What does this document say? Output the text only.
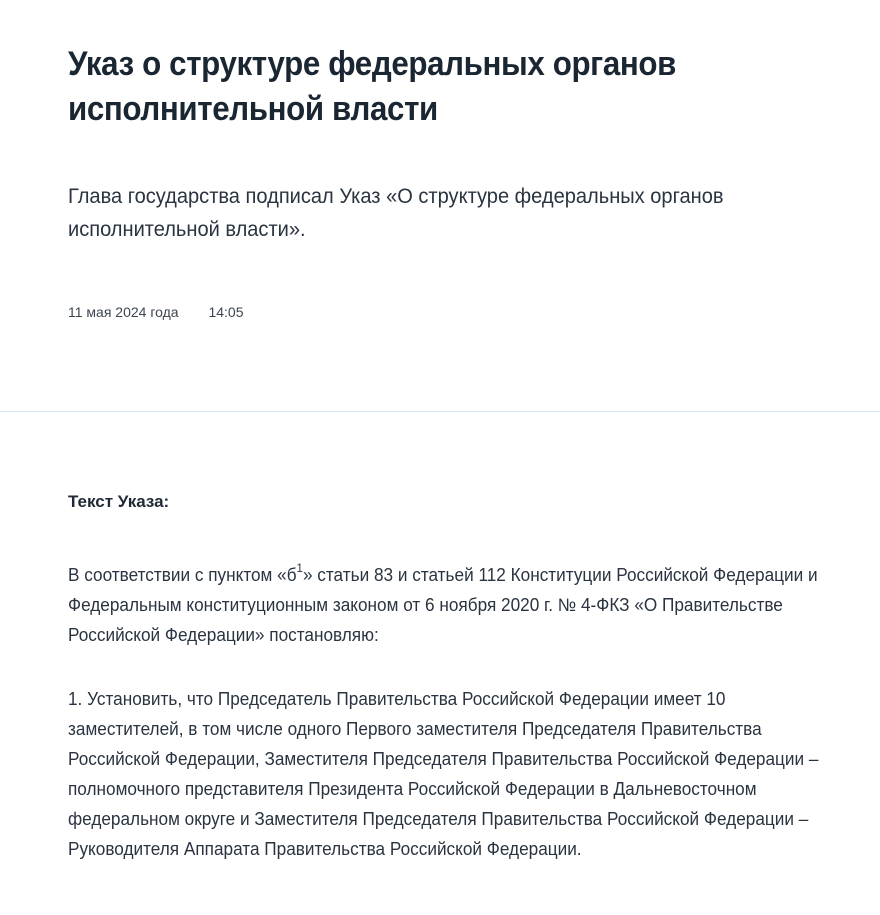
Указ о структуре федеральных органов исполнительной власти

Глава государства подписал Указ «О структуре федеральных органов исполнительной власти».

11 мая 2024 года 14:05
Текст Указа:

В соответствии с пунктом «$б^1$» статьи 83 и статьей 112 Конституции Российской Федерации и Федеральным конституционным законом от 6 ноября 2020 г. № 4-ФКЗ «О Правительстве Российской Федерации» постановляю:

1. Установить, что Председатель Правительства Российской Федерации имеет 10 заместителей, в том числе одного Первого заместителя Председателя Правительства Российской Федерации, Заместителя Председателя Правительства Российской Федерации – полномочного представителя Президента Российской Федерации в Дальневосточном федеральном округе и Заместителя Председателя Правительства Российской Федерации – Руководителя Аппарата Правительства Российской Федерации.
